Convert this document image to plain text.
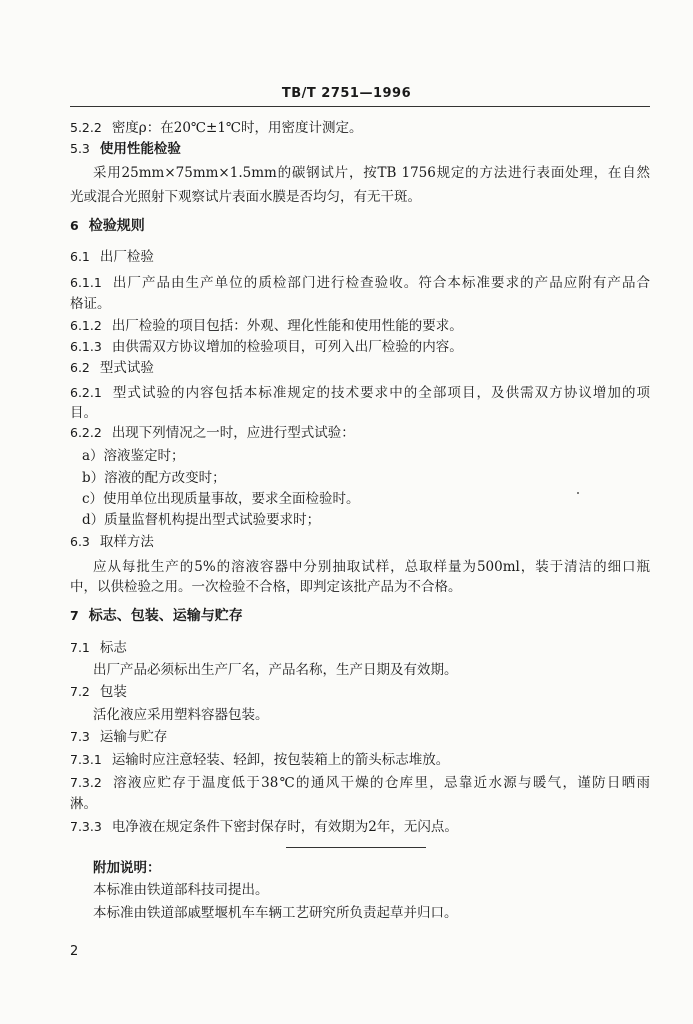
TB/T 2751—1996
5.2.2 密度ρ：在20℃±1℃时，用密度计测定。
5.3 使用性能检验
采用25mm×75mm×1.5mm的碳钢试片，按TB 1756规定的方法进行表面处理，在自然
光或混合光照射下观察试片表面水膜是否均匀，有无干斑。
6 检验规则
6.1 出厂检验
6.1.1 出厂产品由生产单位的质检部门进行检查验收。符合本标准要求的产品应附有产品合
格证。
6.1.2 出厂检验的项目包括：外观、理化性能和使用性能的要求。
6.1.3 由供需双方协议增加的检验项目，可列入出厂检验的内容。
6.2 型式试验
6.2.1 型式试验的内容包括本标准规定的技术要求中的全部项目，及供需双方协议增加的项
目。
6.2.2 出现下列情况之一时，应进行型式试验：
a）溶液鉴定时；
b）溶液的配方改变时；
c）使用单位出现质量事故，要求全面检验时。
d）质量监督机构提出型式试验要求时；
6.3 取样方法
应从每批生产的5%的溶液容器中分别抽取试样，总取样量为500ml，装于清洁的细口瓶
中，以供检验之用。一次检验不合格，即判定该批产品为不合格。
7 标志、包装、运输与贮存
7.1 标志
出厂产品必须标出生产厂名，产品名称，生产日期及有效期。
7.2 包装
活化液应采用塑料容器包装。
7.3 运输与贮存
7.3.1 运输时应注意轻装、轻卸，按包装箱上的箭头标志堆放。
7.3.2 溶液应贮存于温度低于38℃的通风干燥的仓库里，忌靠近水源与暖气，谨防日晒雨
淋。
7.3.3 电净液在规定条件下密封保存时，有效期为2年，无闪点。
附加说明：
本标准由铁道部科技司提出。
本标准由铁道部戚墅堰机车车辆工艺研究所负责起草并归口。
2
